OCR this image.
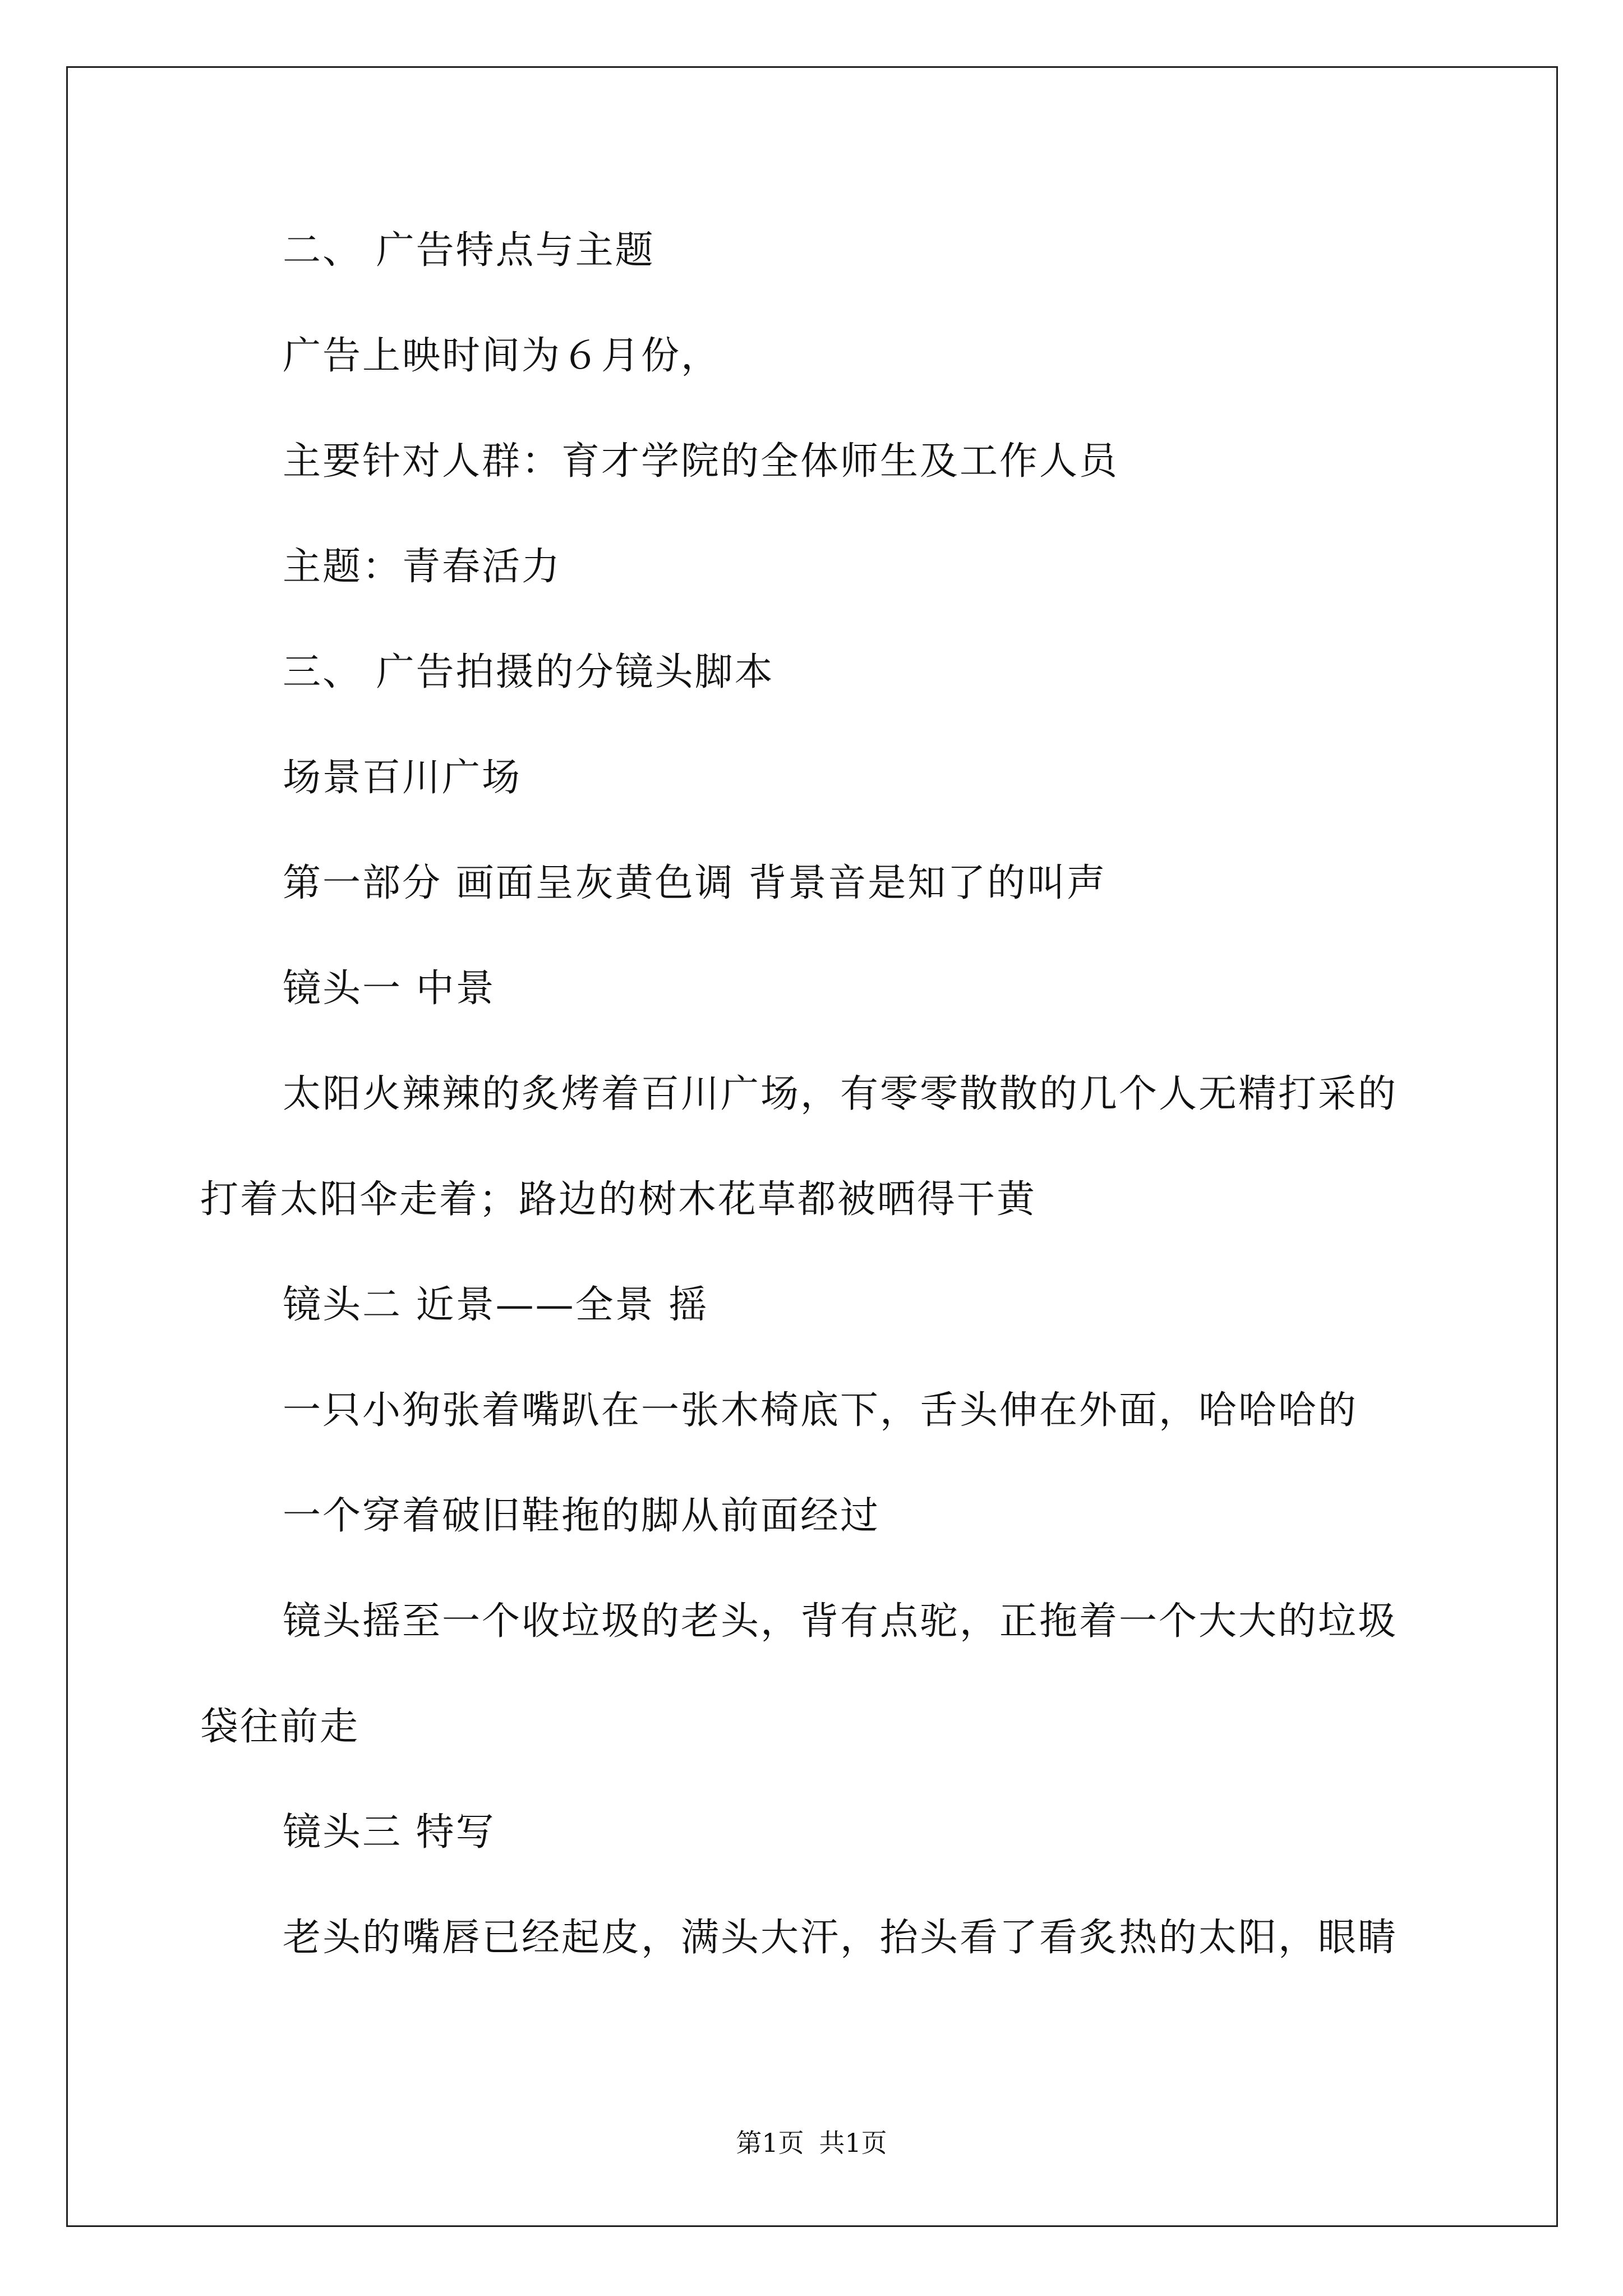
二、 广告特点与主题
广告上映时间为６月份，
主要针对人群：育才学院的全体师生及工作人员
主题：青春活力
三、 广告拍摄的分镜头脚本
场景百川广场
第一部分 画面呈灰黄色调 背景音是知了的叫声
镜头一 中景
太阳火辣辣的炙烤着百川广场，有零零散散的几个人无精打采的
打着太阳伞走着；路边的树木花草都被晒得干黄
镜头二 近景——全景 摇
一只小狗张着嘴趴在一张木椅底下，舌头伸在外面，哈哈哈的
一个穿着破旧鞋拖的脚从前面经过
镜头摇至一个收垃圾的老头，背有点驼，正拖着一个大大的垃圾
袋往前走
镜头三 特写
老头的嘴唇已经起皮，满头大汗，抬头看了看炙热的太阳，眼睛
第1页 共1页
